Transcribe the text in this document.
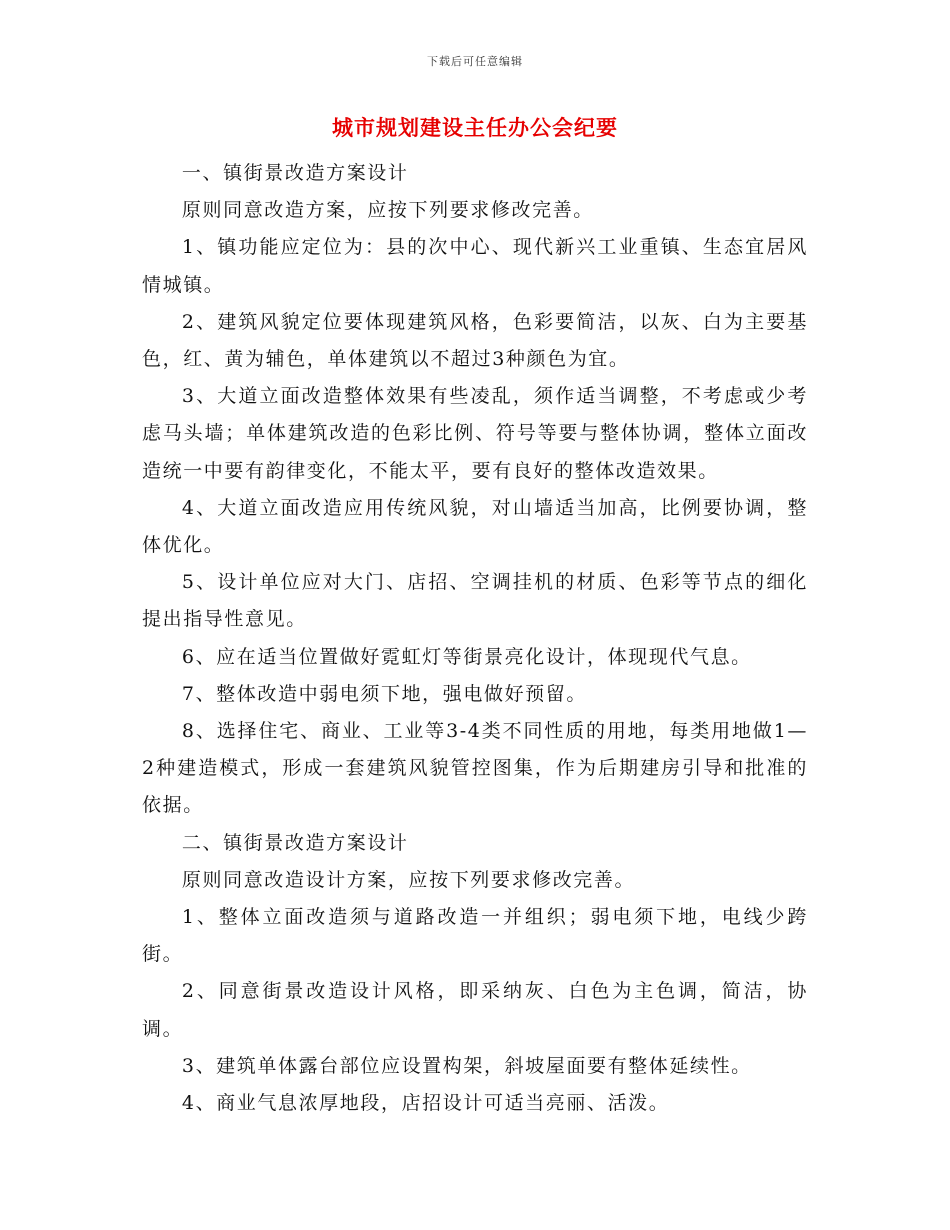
下载后可任意编辑
城市规划建设主任办公会纪要

一、镇街景改造方案设计

原则同意改造方案，应按下列要求修改完善。

1、镇功能应定位为：县的次中心、现代新兴工业重镇、生态宜居风情城镇。

2、建筑风貌定位要体现建筑风格，色彩要简洁，以灰、白为主要基色，红、黄为辅色，单体建筑以不超过3种颜色为宜。

3、大道立面改造整体效果有些凌乱，须作适当调整，不考虑或少考虑马头墙；单体建筑改造的色彩比例、符号等要与整体协调，整体立面改造统一中要有韵律变化，不能太平，要有良好的整体改造效果。

4、大道立面改造应用传统风貌，对山墙适当加高，比例要协调，整体优化。

5、设计单位应对大门、店招、空调挂机的材质、色彩等节点的细化提出指导性意见。

6、应在适当位置做好霓虹灯等街景亮化设计，体现现代气息。

7、整体改造中弱电须下地，强电做好预留。

8、选择住宅、商业、工业等3-4类不同性质的用地，每类用地做1—2种建造模式，形成一套建筑风貌管控图集，作为后期建房引导和批准的依据。

二、镇街景改造方案设计

原则同意改造设计方案，应按下列要求修改完善。

1、整体立面改造须与道路改造一并组织；弱电须下地，电线少跨街。

2、同意街景改造设计风格，即采纳灰、白色为主色调，简洁，协调。

3、建筑单体露台部位应设置构架，斜坡屋面要有整体延续性。

4、商业气息浓厚地段，店招设计可适当亮丽、活泼。
